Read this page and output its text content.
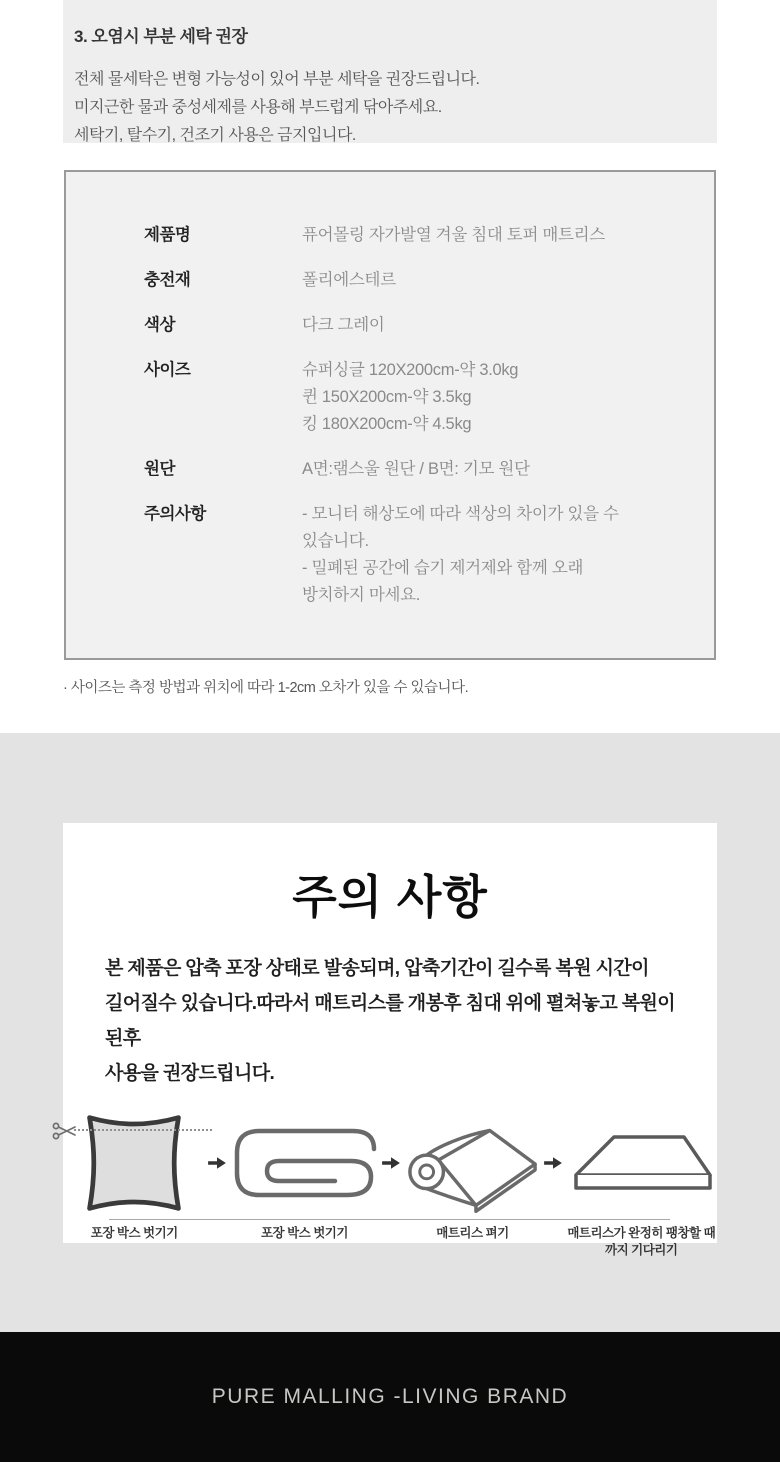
3. 오염시 부분 세탁 권장
전체 물세탁은 변형 가능성이 있어 부분 세탁을 권장드립니다.
미지근한 물과 중성세제를 사용해 부드럽게 닦아주세요.
세탁기, 탈수기, 건조기 사용은 금지입니다.
제품명	퓨어몰링 자가발열 겨울 침대 토퍼 매트리스
충전재	폴리에스테르
색상	다크 그레이
사이즈	슈퍼싱글 120X200cm-약 3.0kg
퀸 150X200cm-약 3.5kg
킹 180X200cm-약 4.5kg
원단	A면:램스울 원단 / B면: 기모 원단
주의사항	- 모니터 해상도에 따라 색상의 차이가 있을 수
있습니다.
- 밀폐된 공간에 습기 제거제와 함께 오래
방치하지 마세요.
· 사이즈는 측정 방법과 위치에 따라 1-2cm 오차가 있을 수 있습니다.
주의 사항
본 제품은 압축 포장 상태로 발송되며, 압축기간이 길수록 복원 시간이
길어질수 있습니다.따라서 매트리스를 개봉후 침대 위에 펼쳐놓고 복원이 된후
사용을 권장드립니다.
포장 박스 벗기기	포장 박스 벗기기	매트리스 펴기	매트리스가 완정히 팽창할 때까지 기다리기
PURE MALLING -LIVING BRAND
